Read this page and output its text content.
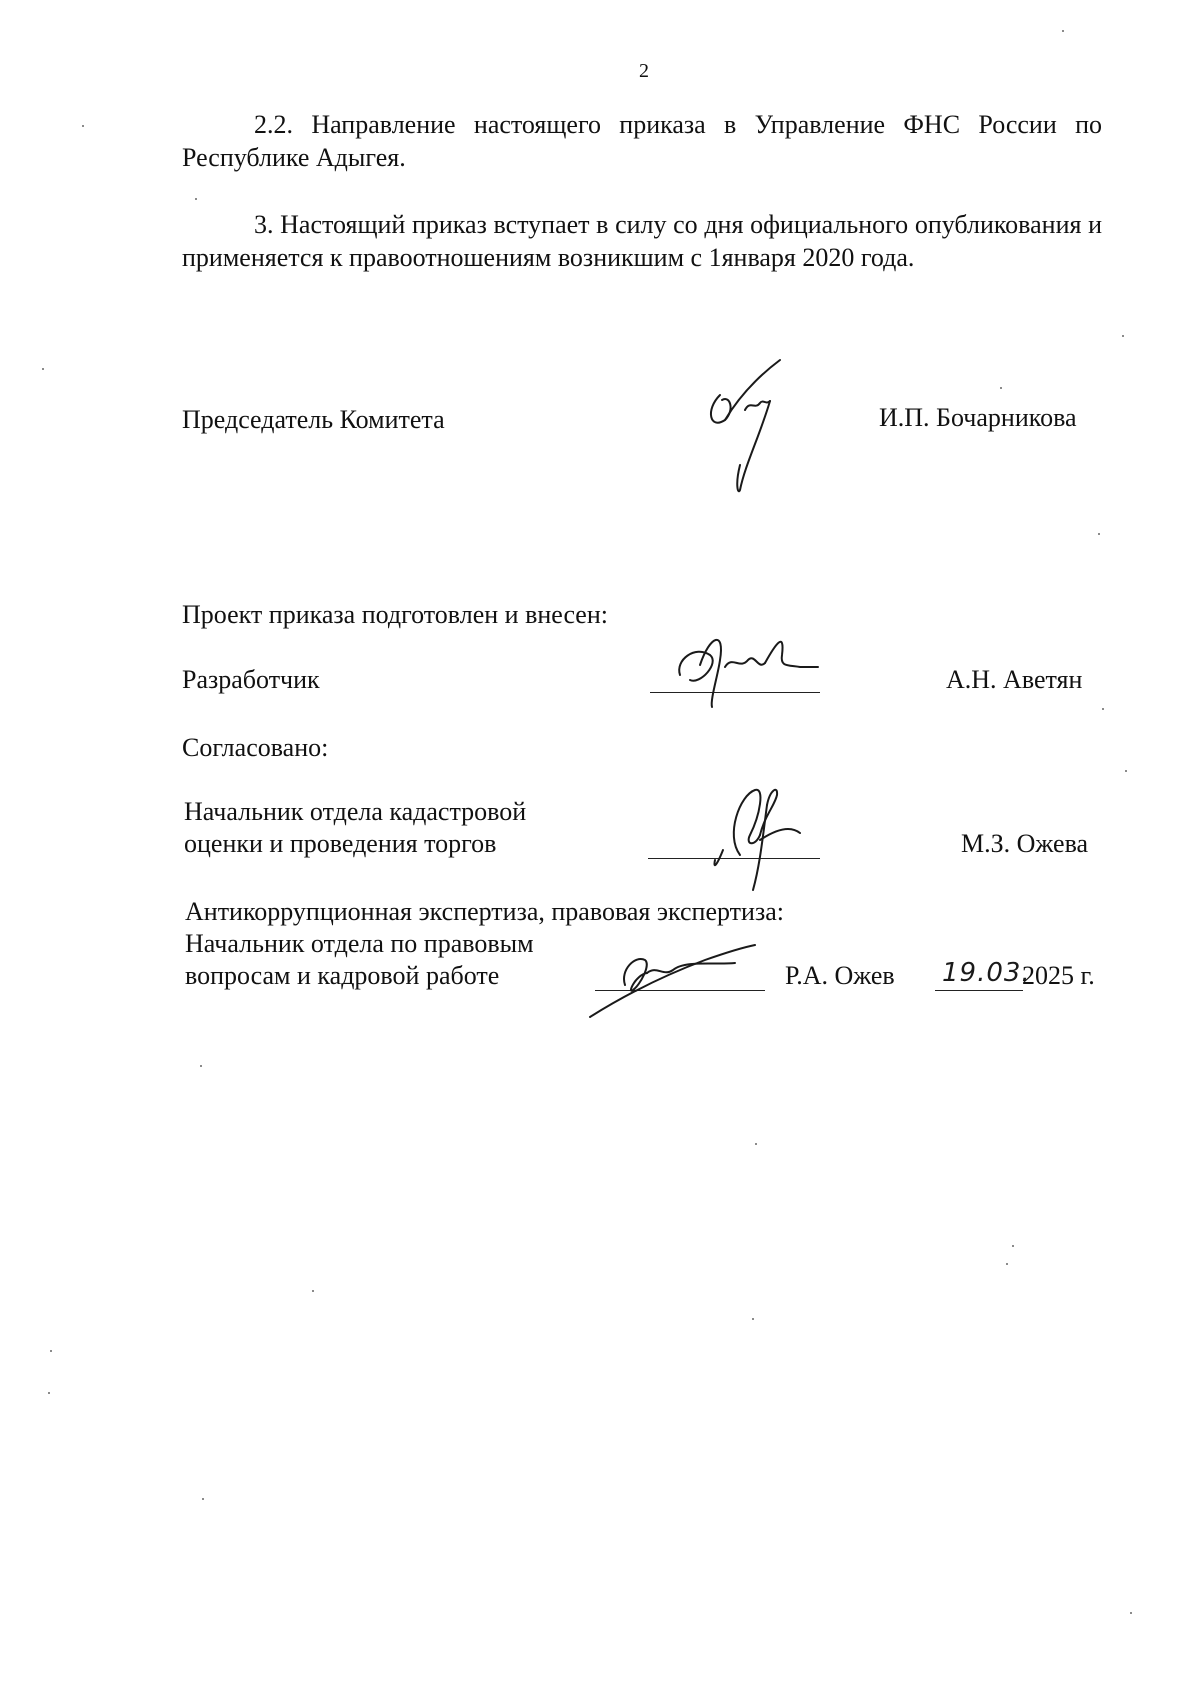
2
2.2. Направление настоящего приказа в Управление ФНС России по Республике Адыгея.
3. Настоящий приказ вступает в силу со дня официального опубликования и применяется к правоотношениям возникшим с 1января 2020 года.
Председатель Комитета	И.П. Бочарникова
Проект приказа подготовлен и внесен:
Разработчик	А.Н. Аветян
Согласовано:
Начальник отдела кадастровой
оценки и проведения торгов	М.З. Ожева
Антикоррупционная экспертиза, правовая экспертиза:
Начальник отдела по правовым
вопросам и кадровой работе	Р.А. Ожев 19.03.
2025 г.
